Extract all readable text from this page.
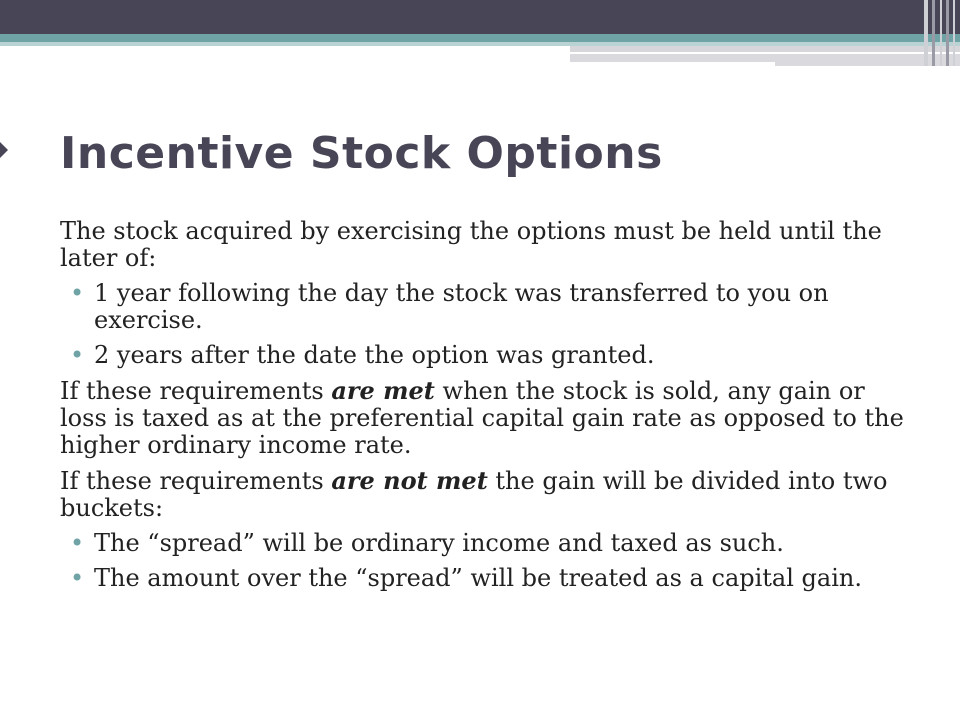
Incentive Stock Options

The stock acquired by exercising the options must be held until the later of:

• 1 year following the day the stock was transferred to you on exercise.
• 2 years after the date the option was granted.

If these requirements are met when the stock is sold, any gain or loss is taxed as at the preferential capital gain rate as opposed to the higher ordinary income rate.

If these requirements are not met the gain will be divided into two buckets:

• The “spread” will be ordinary income and taxed as such.
• The amount over the “spread” will be treated as a capital gain.
